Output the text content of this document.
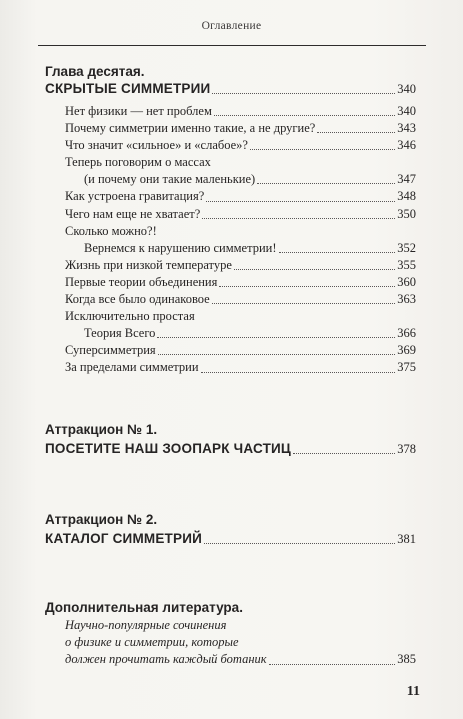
Оглавление
Глава десятая.
СКРЫТЫЕ СИММЕТРИИ	340
Нет физики — нет проблем	340
Почему симметрии именно такие, а не другие?	343
Что значит «сильное» и «слабое»?	346
Теперь поговорим о массах
(и почему они такие маленькие)	347
Как устроена гравитация?	348
Чего нам еще не хватает?	350
Сколько можно?!
Вернемся к нарушению симметрии!	352
Жизнь при низкой температуре	355
Первые теории объединения	360
Когда все было одинаковое	363
Исключительно простая
Теория Всего	366
Суперсимметрия	369
За пределами симметрии	375
Аттракцион № 1.
ПОСЕТИТЕ НАШ ЗООПАРК ЧАСТИЦ	378
Аттракцион № 2.
КАТАЛОГ СИММЕТРИЙ	381
Дополнительная литература.
Научно-популярные сочинения
о физике и симметрии, которые
должен прочитать каждый ботаник	385
11
